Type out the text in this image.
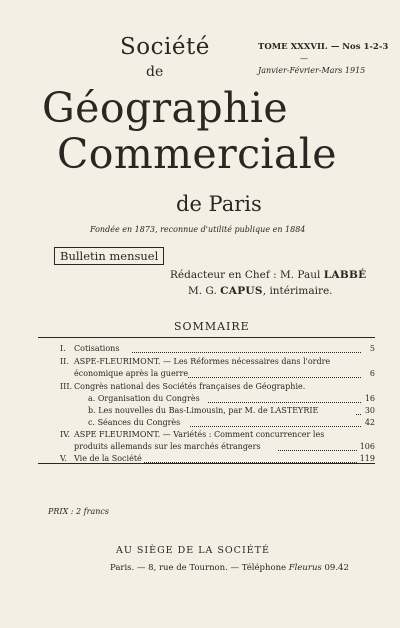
Société	TOME XXXVII. — Nos 1-2-3
—
Janvier-Février-Mars 1915
de
Géographie
Commerciale
de Paris
Fondée en 1873, reconnue d'utilité publique en 1884
Bulletin mensuel
Rédacteur en Chef : M. Paul LABBÉ
M. G. CAPUS, intérimaire.
SOMMAIRE
I. Cotisations	5
II. ASPE-FLEURIMONT. — Les Réformes nécessaires dans l'ordre
économique après la guerre	6
III. Congrès national des Sociétés françaises de Géographie.
a. Organisation du Congrès	16
b. Les nouvelles du Bas-Limousin, par M. de LASTEYRIE	30
c. Séances du Congrès	42
IV. ASPE FLEURIMONT. — Variétés : Comment concurrencer les
produits allemands sur les marchés étrangers	106
V. Vie de la Société	119
PRIX : 2 francs
AU SIÈGE DE LA SOCIÉTÉ
Paris. — 8, rue de Tournon. — Téléphone Fleurus 09.42
